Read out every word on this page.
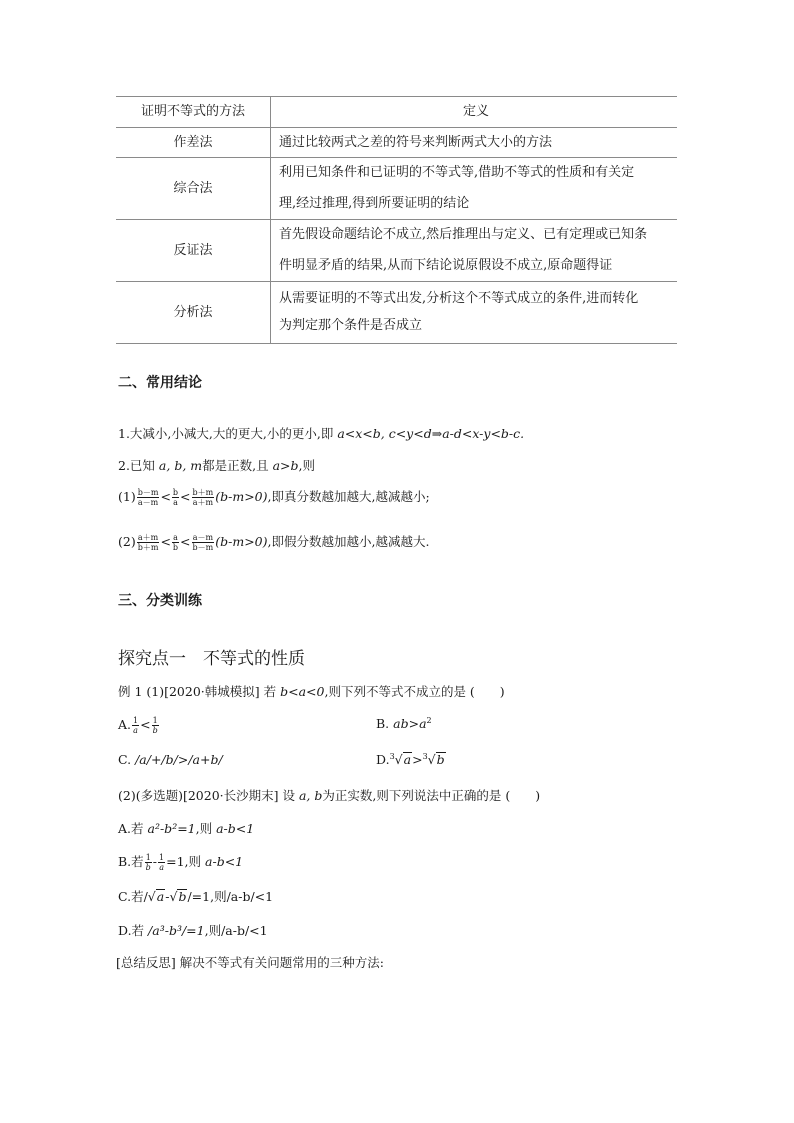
证明不等式的方法	定义
作差法	通过比较两式之差的符号来判断两式大小的方法
综合法	利用已知条件和已证明的不等式等,借助不等式的性质和有关定
理,经过推理,得到所要证明的结论

反证法	首先假设命题结论不成立,然后推理出与定义、已有定理或已知条
件明显矛盾的结果,从而下结论说原假设不成立,原命题得证

分析法	从需要证明的不等式出发,分析这个不等式成立的条件,进而转化
为判定那个条件是否成立
二、常用结论
1.大减小,小减大,大的更大,小的更小,即 a<x<b, c<y<d⇒a-d<x-y<b-c.
2.已知 a, b, m都是正数,且 a>b,则
$(1) \frac{b-m}{a-m} < \frac{b}{a} < \frac{b+m}{a+m} (b-m>0)$,即真分数越加越大,越减越小;
$(2) \frac{a+m}{b+m} < \frac{a}{b} < \frac{a-m}{b-m} (b-m>0)$,即假分数越加越小,越减越大.
三、分类训练
探究点一　不等式的性质
例 1 (1)[2020·韩城模拟] 若 b<a<0,则下列不等式不成立的是 (　　)
A. $\frac{1}{a} < \frac{1}{b}$	B. $ab>a^2$
C. /a/+/b/>/a+b/	D.$^3$√a>$^3$√b
(2)(多选题)[2020·长沙期末] 设 a, b为正实数,则下列说法中正确的是 (　　)
A.若 a²-b²=1,则 a-b<1
B.若 $\frac{1}{b} - \frac{1}{a} =1$,则 a-b<1
C.若/√a-√b/=1,则/a-b/<1
D.若 /a³-b³/=1,则/a-b/<1
[总结反思] 解决不等式有关问题常用的三种方法:
